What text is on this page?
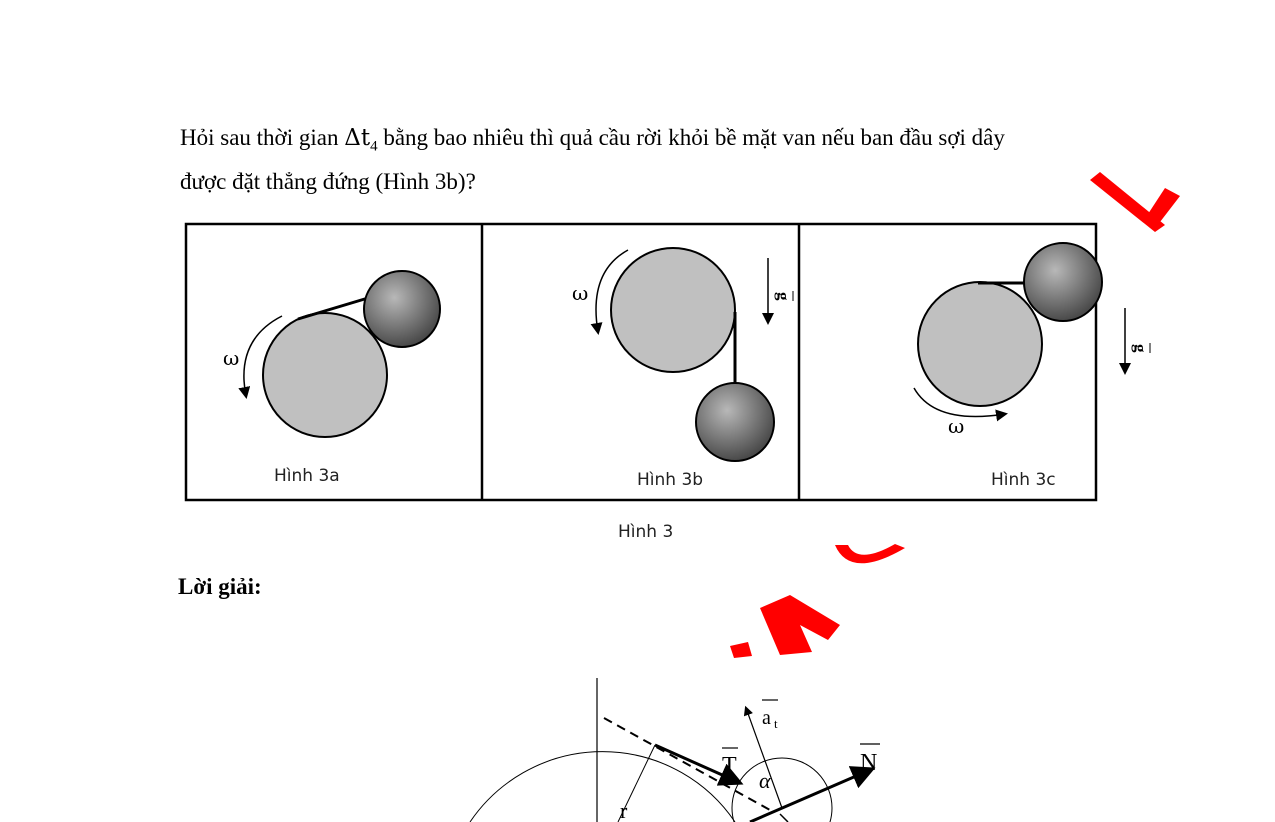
Hỏi sau thời gian $\Delta t_4$ bằng bao nhiêu thì quả cầu rời khỏi bề mặt van nếu ban đầu sợi dây
được đặt thẳng đứng (Hình 3b)?
ω
ω
ω
g
g
r
T
α
N
a t
Hình 3a	Hình 3b	Hình 3c
Hình 3
Lời giải:
